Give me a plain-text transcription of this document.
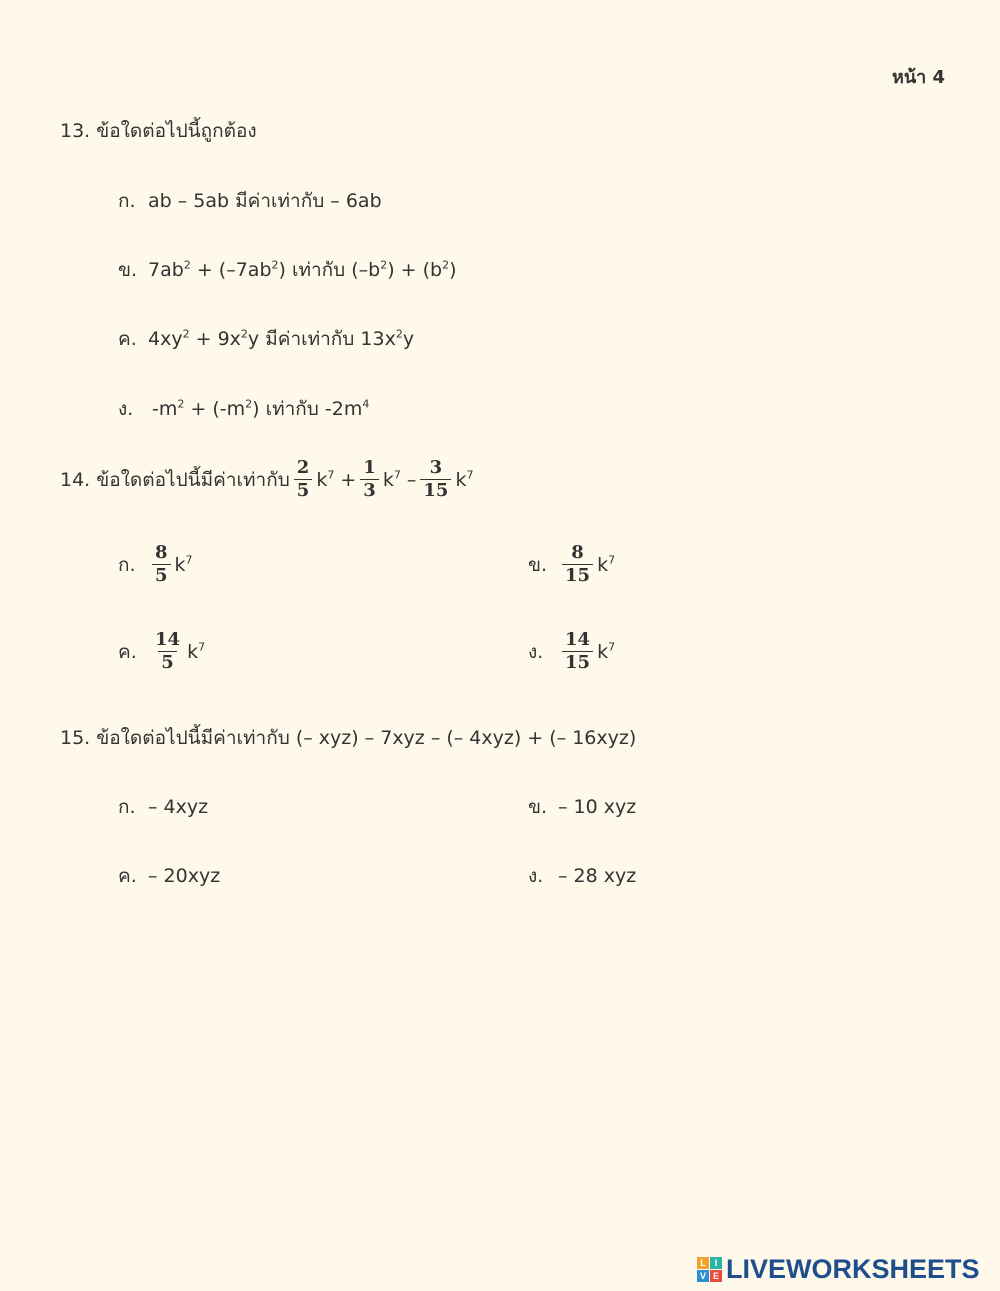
หน้า 4
13. ข้อใดต่อไปนี้ถูกต้อง
ก. ab – 5ab มีค่าเท่ากับ – 6ab
ข. $7ab^2 + (-7ab^2)$ เท่ากับ $(-b^2) + (b^2)$
ค. $4xy^2 + 9x^2y$ มีค่าเท่ากับ $13x^2y$
ง. $-m^2 + (-m^2)$ เท่ากับ $-2m^4$
14. ข้อใดต่อไปนี้มีค่าเท่ากับ $\frac{2}{5} k^7 + \frac{1}{3} k^7 - \frac{3}{15} k^7$
ก. $\frac{8}{5} k^7$	ข. $\frac{8}{15} k^7$
ค. $\frac{14}{5} k^7$	ง.	$\frac{14}{15} k^7$
15. ข้อใดต่อไปนี้มีค่าเท่ากับ (– xyz) – 7xyz – (– 4xyz) + (– 16xyz)
ก. – 4xyz	ข. – 10 xyz
ค. – 20xyz	ง. – 28 xyz
L I
V E LIVEWORKSHEETS
